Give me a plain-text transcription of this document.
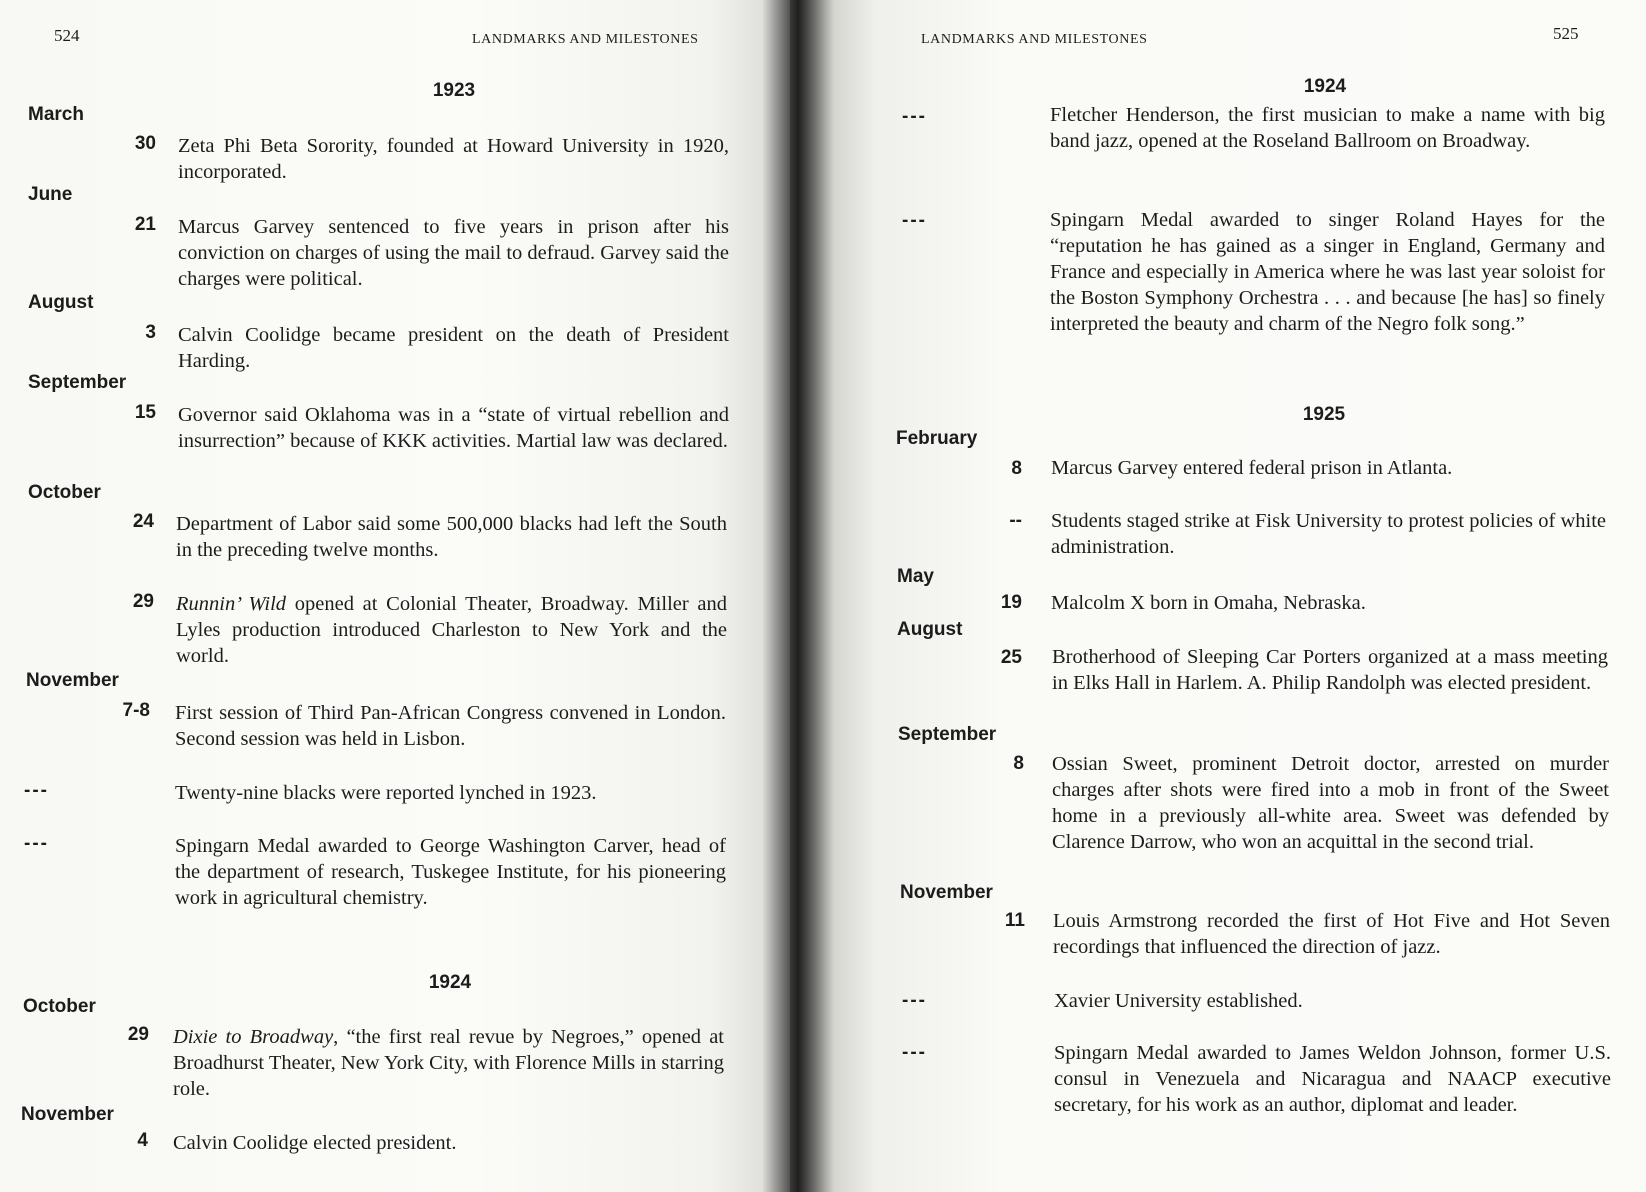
524	LANDMARKS AND MILESTONES
1923
March
30 Zeta Phi Beta Sorority, founded at Howard University in 1920, incorporated.
June
21 Marcus Garvey sentenced to five years in prison after his conviction on charges of using the mail to defraud. Garvey said the charges were political.
August
3 Calvin Coolidge became president on the death of President Harding.
September
15 Governor said Oklahoma was in a “state of virtual rebellion and insurrection” because of KKK activities. Martial law was declared.
October
24 Department of Labor said some 500,000 blacks had left the South in the preceding twelve months.
29 Runnin’ Wild opened at Colonial Theater, Broadway. Miller and Lyles production introduced Charleston to New York and the world.
November
7-8 First session of Third Pan-African Congress convened in London. Second session was held in Lisbon.
---	Twenty-nine blacks were reported lynched in 1923.
---	Spingarn Medal awarded to George Washington Carver, head of the department of research, Tuskegee Institute, for his pioneering work in agricultural chemistry.
1924
October
29 Dixie to Broadway, “the first real revue by Negroes,” opened at Broadhurst Theater, New York City, with Florence Mills in starring role.
November
4 Calvin Coolidge elected president.
LANDMARKS AND MILESTONES	525
1924
---	Fletcher Henderson, the first musician to make a name with big band jazz, opened at the Roseland Ballroom on Broadway.
---	Spingarn Medal awarded to singer Roland Hayes for the “reputation he has gained as a singer in England, Germany and France and especially in America where he was last year soloist for the Boston Symphony Orchestra . . . and because [he has] so finely interpreted the beauty and charm of the Negro folk song.”
1925
February
8 Marcus Garvey entered federal prison in Atlanta.
-- Students staged strike at Fisk University to protest policies of white administration.
May
19 Malcolm X born in Omaha, Nebraska.
August
25 Brotherhood of Sleeping Car Porters organized at a mass meeting in Elks Hall in Harlem. A. Philip Randolph was elected president.
September
8 Ossian Sweet, prominent Detroit doctor, arrested on murder charges after shots were fired into a mob in front of the Sweet home in a previously all-white area. Sweet was defended by Clarence Darrow, who won an acquittal in the second trial.
November
11 Louis Armstrong recorded the first of Hot Five and Hot Seven recordings that influenced the direction of jazz.
---	Xavier University established.
---	Spingarn Medal awarded to James Weldon Johnson, former U.S. consul in Venezuela and Nicaragua and NAACP executive secretary, for his work as an author, diplomat and leader.
